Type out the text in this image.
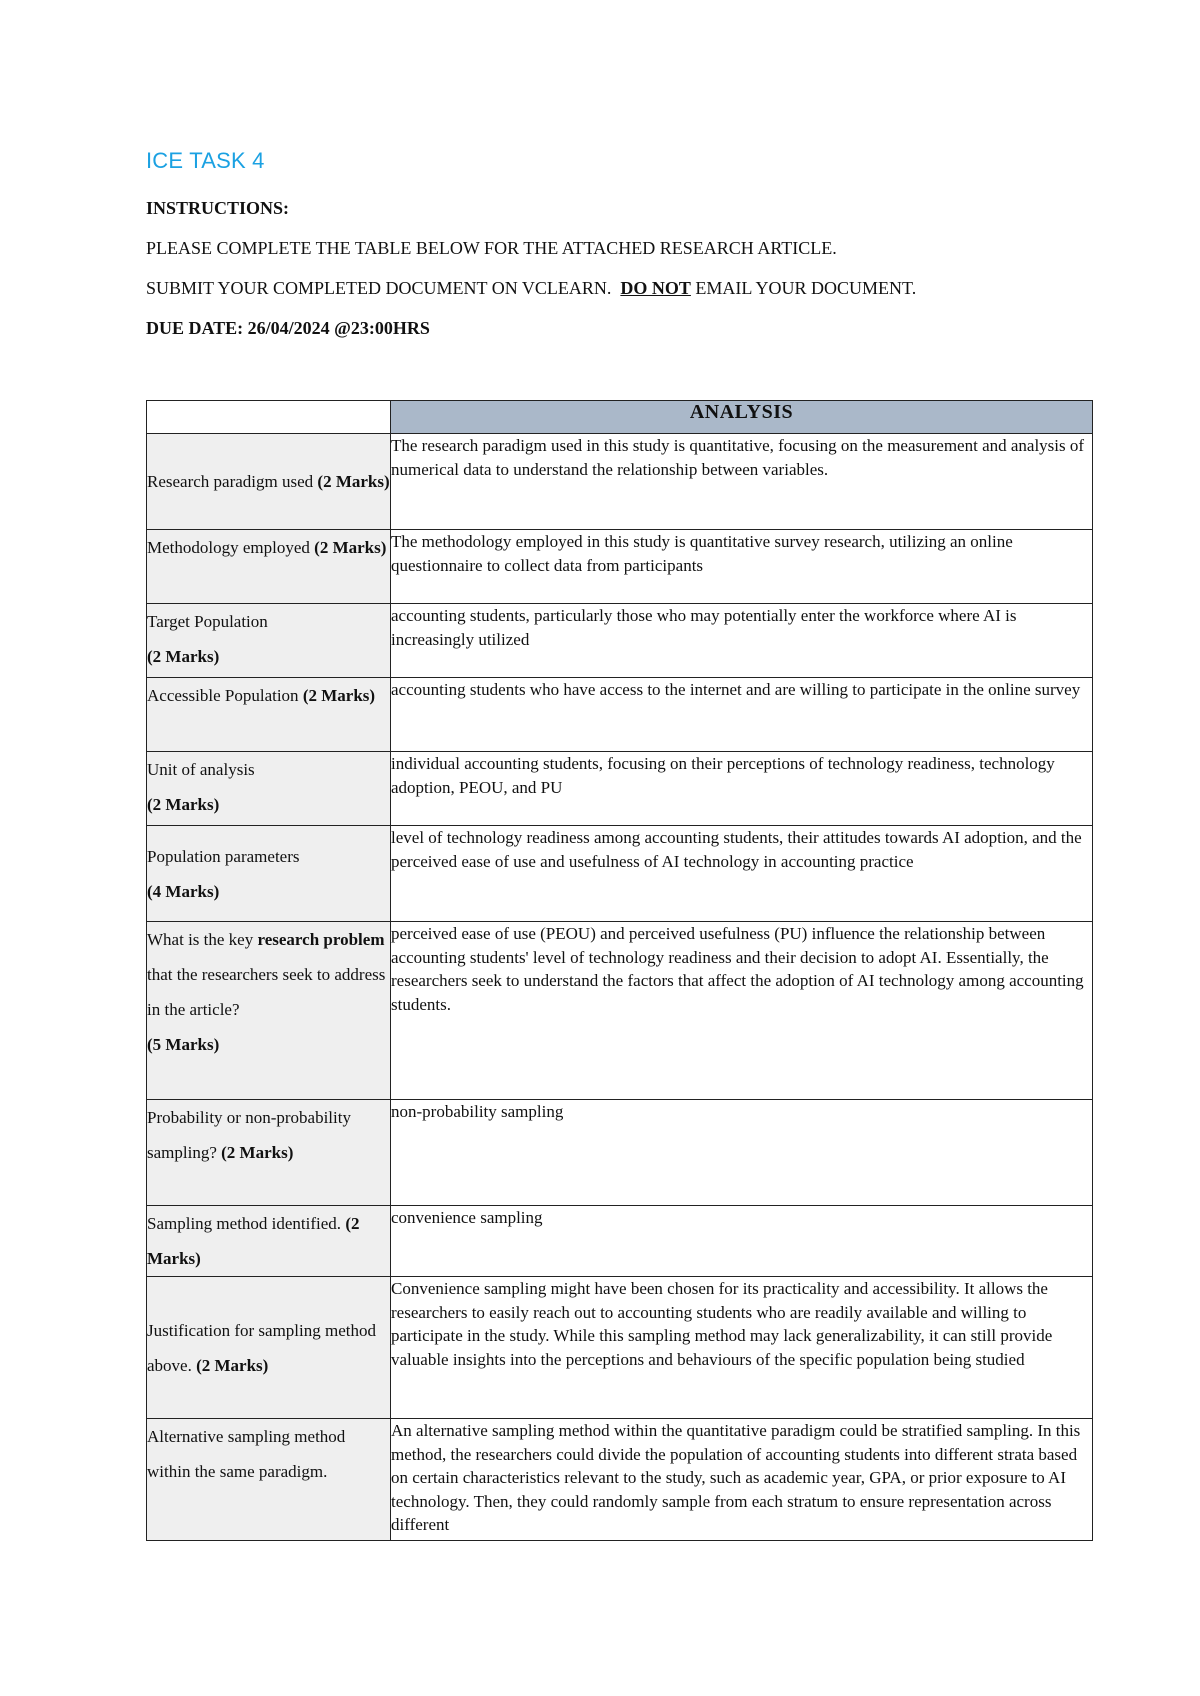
ICE TASK 4
INSTRUCTIONS:
PLEASE COMPLETE THE TABLE BELOW FOR THE ATTACHED RESEARCH ARTICLE.
SUBMIT YOUR COMPLETED DOCUMENT ON VCLEARN. DO NOT EMAIL YOUR DOCUMENT.
DUE DATE: 26/04/2024 @23:00HRS
	ANALYSIS
Research paradigm used (2 Marks)	The research paradigm used in this study is quantitative, focusing on the measurement and analysis of numerical data to understand the relationship between variables.
Methodology employed (2 Marks)	The methodology employed in this study is quantitative survey research, utilizing an online questionnaire to collect data from participants
Target Population
(2 Marks)	accounting students, particularly those who may potentially enter the workforce where AI is increasingly utilized
Accessible Population (2 Marks)	accounting students who have access to the internet and are willing to participate in the online survey
Unit of analysis
(2 Marks)	individual accounting students, focusing on their perceptions of technology readiness, technology adoption, PEOU, and PU
Population parameters
(4 Marks)	level of technology readiness among accounting students, their attitudes towards AI adoption, and the perceived ease of use and usefulness of AI technology in accounting practice
What is the key research problem that the researchers seek to address in the article?
(5 Marks)	perceived ease of use (PEOU) and perceived usefulness (PU) influence the relationship between accounting students' level of technology readiness and their decision to adopt AI. Essentially, the researchers seek to understand the factors that affect the adoption of AI technology among accounting students.
Probability or non-probability sampling? (2 Marks)	non-probability sampling
Sampling method identified. (2 Marks)	convenience sampling
Justification for sampling method above. (2 Marks)	Convenience sampling might have been chosen for its practicality and accessibility. It allows the researchers to easily reach out to accounting students who are readily available and willing to participate in the study. While this sampling method may lack generalizability, it can still provide valuable insights into the perceptions and behaviours of the specific population being studied
Alternative sampling method within the same paradigm.	An alternative sampling method within the quantitative paradigm could be stratified sampling. In this method, the researchers could divide the population of accounting students into different strata based on certain characteristics relevant to the study, such as academic year, GPA, or prior exposure to AI technology. Then, they could randomly sample from each stratum to ensure representation across different
